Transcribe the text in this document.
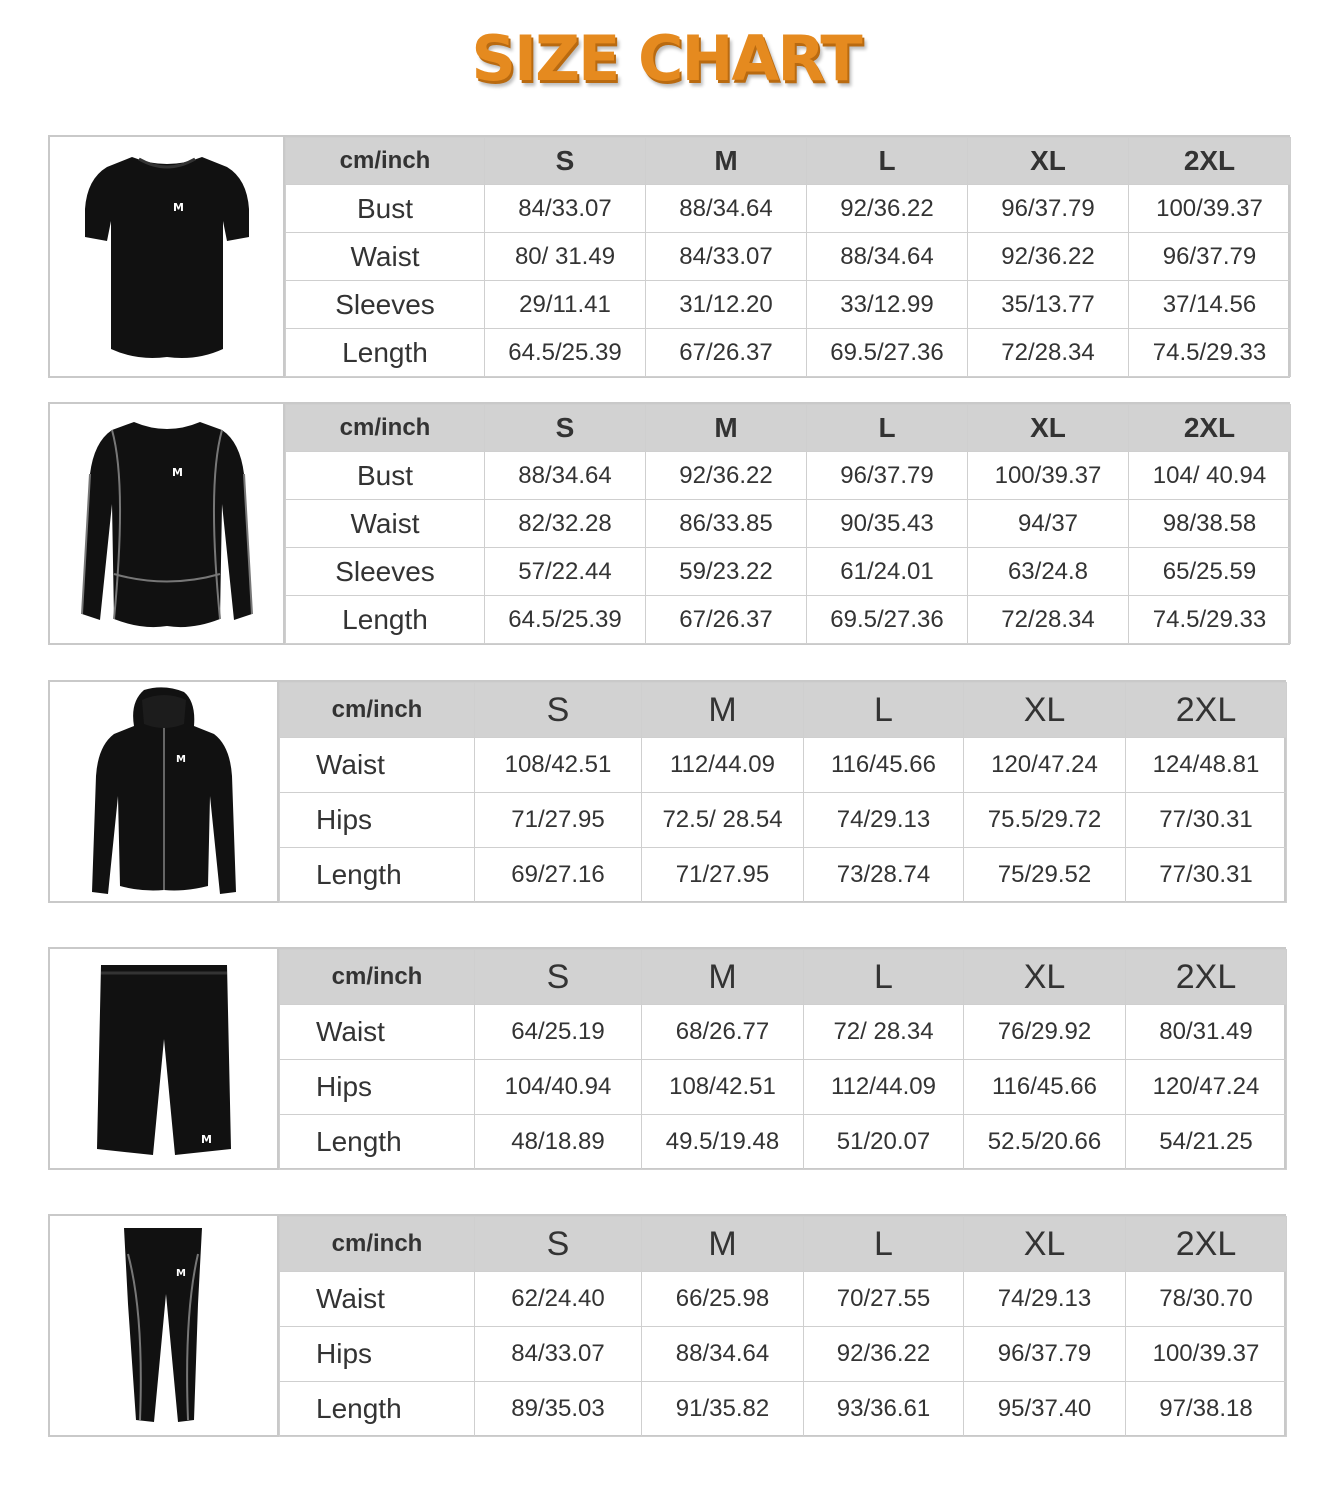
SIZE CHART
M
cm/inch	S	M	L	XL	2XL
Bust	84/33.07	88/34.64	92/36.22	96/37.79	100/39.37
Waist	80/ 31.49	84/33.07	88/34.64	92/36.22	96/37.79
Sleeves	29/11.41	31/12.20	33/12.99	35/13.77	37/14.56
Length	64.5/25.39	67/26.37	69.5/27.36	72/28.34	74.5/29.33
M
cm/inch	S	M	L	XL	2XL
Bust	88/34.64	92/36.22	96/37.79	100/39.37	104/ 40.94
Waist	82/32.28	86/33.85	90/35.43	94/37	98/38.58
Sleeves	57/22.44	59/23.22	61/24.01	63/24.8	65/25.59
Length	64.5/25.39	67/26.37	69.5/27.36	72/28.34	74.5/29.33
M
cm/inch	S	M	L	XL	2XL
Waist	108/42.51	112/44.09	116/45.66	120/47.24	124/48.81
Hips	71/27.95	72.5/ 28.54	74/29.13	75.5/29.72	77/30.31
Length	69/27.16	71/27.95	73/28.74	75/29.52	77/30.31
M
cm/inch	S	M	L	XL	2XL
Waist	64/25.19	68/26.77	72/ 28.34	76/29.92	80/31.49
Hips	104/40.94	108/42.51	112/44.09	116/45.66	120/47.24
Length	48/18.89	49.5/19.48	51/20.07	52.5/20.66	54/21.25
M
cm/inch	S	M	L	XL	2XL
Waist	62/24.40	66/25.98	70/27.55	74/29.13	78/30.70
Hips	84/33.07	88/34.64	92/36.22	96/37.79	100/39.37
Length	89/35.03	91/35.82	93/36.61	95/37.40	97/38.18
